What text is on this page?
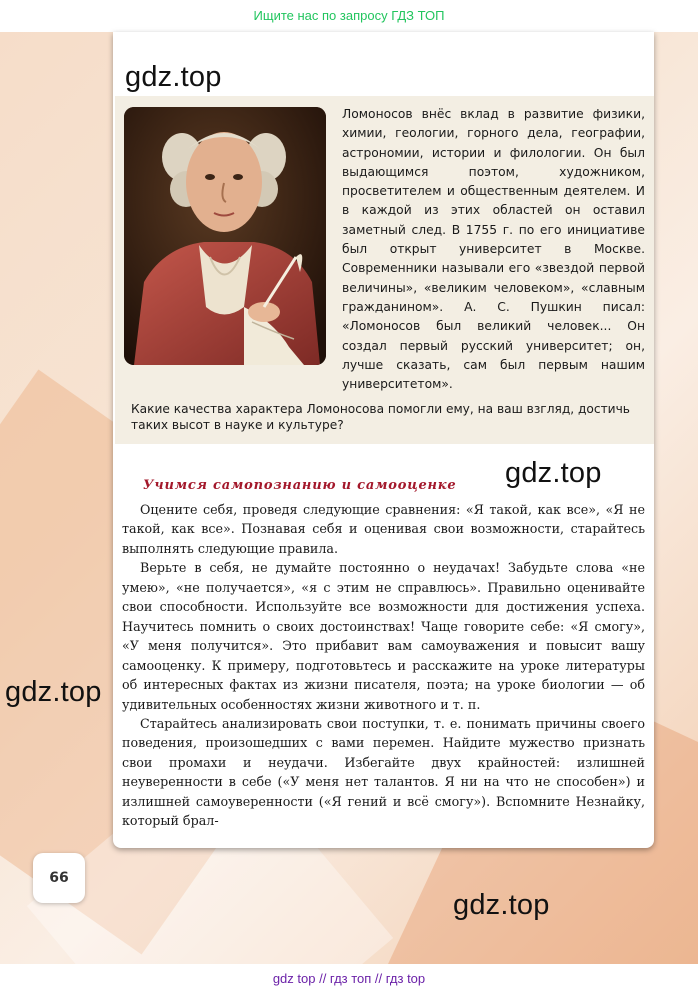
Ищите нас по запросу ГДЗ ТОП
Ломоносов внёс вклад в развитие физики, химии, геологии, горного дела, географии, астрономии, истории и филологии. Он был выдающимся поэтом, художником, просветителем и общественным деятелем. И в каждой из этих областей он оставил заметный след. В 1755 г. по его инициативе был открыт университет в Москве. Современники называли его «звездой первой величины», «великим человеком», «славным гражданином». А. С. Пушкин писал: «Ломоносов был великий человек... Он создал первый русский университет; он, лучше сказать, сам был первым нашим университетом».
Какие качества характера Ломоносова помогли ему, на ваш взгляд, достичь таких высот в науке и культуре?
Учимся самопознанию и самооценке

Оцените себя, проведя следующие сравнения: «Я такой, как все», «Я не такой, как все». Познавая себя и оценивая свои возможности, старайтесь выполнять следующие правила.

Верьте в себя, не думайте постоянно о неудачах! Забудьте слова «не умею», «не получается», «я с этим не справлюсь». Правильно оценивайте свои способности. Используйте все возможности для достижения успеха. Научитесь помнить о своих достоинствах! Чаще говорите себе: «Я смогу», «У меня получится». Это прибавит вам самоуважения и повысит вашу самооценку. К примеру, подготовьтесь и расскажите на уроке литературы об интересных фактах из жизни писателя, поэта; на уроке биологии — об удивительных особенностях жизни животного и т. п.

Старайтесь анализировать свои поступки, т. е. понимать причины своего поведения, произошедших с вами перемен. Найдите мужество признать свои промахи и неудачи. Избегайте двух крайностей: излишней неуверенности в себе («У меня нет талантов. Я ни на что не способен») и излишней самоуверенности («Я гений и всё смогу»). Вспомните Незнайку, который брал-

gdz.top
gdz.top
gdz.top
gdz.top
66
gdz top // гдз топ // гдз top
